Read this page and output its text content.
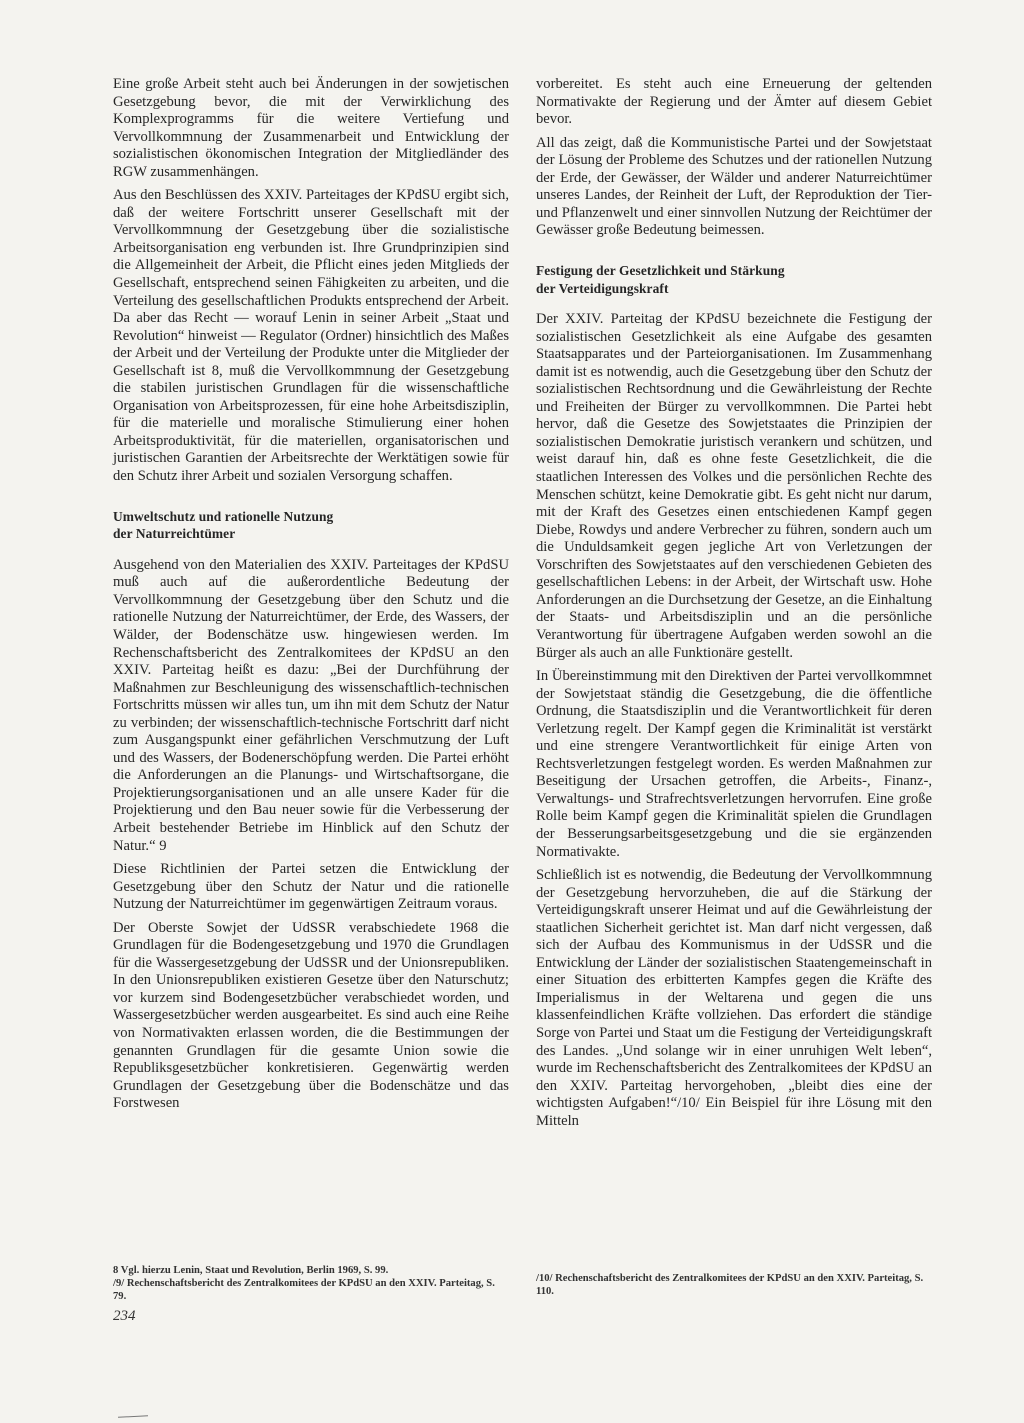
Eine große Arbeit steht auch bei Änderungen in der sowjetischen Gesetzgebung bevor, die mit der Verwirklichung des Komplexprogramms für die weitere Vertiefung und Vervollkommnung der Zusammenarbeit und Entwicklung der sozialistischen ökonomischen Integration der Mitgliedländer des RGW zusammenhängen.

Aus den Beschlüssen des XXIV. Parteitages der KPdSU ergibt sich, daß der weitere Fortschritt unserer Gesellschaft mit der Vervollkommnung der Gesetzgebung über die sozialistische Arbeitsorganisation eng verbunden ist. Ihre Grundprinzipien sind die Allgemeinheit der Arbeit, die Pflicht eines jeden Mitglieds der Gesellschaft, entsprechend seinen Fähigkeiten zu arbeiten, und die Verteilung des gesellschaftlichen Produkts entsprechend der Arbeit. Da aber das Recht — worauf Lenin in seiner Arbeit „Staat und Revolution“ hinweist — Regulator (Ordner) hinsichtlich des Maßes der Arbeit und der Verteilung der Produkte unter die Mitglieder der Gesellschaft ist 8, muß die Vervollkommnung der Gesetzgebung die stabilen juristischen Grundlagen für die wissenschaftliche Organisation von Arbeitsprozessen, für eine hohe Arbeitsdisziplin, für die materielle und moralische Stimulierung einer hohen Arbeitsproduktivität, für die materiellen, organisatorischen und juristischen Garantien der Arbeitsrechte der Werktätigen sowie für den Schutz ihrer Arbeit und sozialen Versorgung schaffen.

Umweltschutz und rationelle Nutzung

der Naturreichtümer

Ausgehend von den Materialien des XXIV. Parteitages der KPdSU muß auch auf die außerordentliche Bedeutung der Vervollkommnung der Gesetzgebung über den Schutz und die rationelle Nutzung der Naturreichtümer, der Erde, des Wassers, der Wälder, der Bodenschätze usw. hingewiesen werden. Im Rechenschaftsbericht des Zentralkomitees der KPdSU an den XXIV. Parteitag heißt es dazu: „Bei der Durchführung der Maßnahmen zur Beschleunigung des wissenschaftlich-technischen Fortschritts müssen wir alles tun, um ihn mit dem Schutz der Natur zu verbinden; der wissenschaftlich-technische Fortschritt darf nicht zum Ausgangspunkt einer gefährlichen Verschmutzung der Luft und des Wassers, der Bodenerschöpfung werden. Die Partei erhöht die Anforderungen an die Planungs- und Wirtschaftsorgane, die Projektierungsorganisationen und an alle unsere Kader für die Projektierung und den Bau neuer sowie für die Verbesserung der Arbeit bestehender Betriebe im Hinblick auf den Schutz der Natur.“ 9

Diese Richtlinien der Partei setzen die Entwicklung der Gesetzgebung über den Schutz der Natur und die rationelle Nutzung der Naturreichtümer im gegenwärtigen Zeitraum voraus.

Der Oberste Sowjet der UdSSR verabschiedete 1968 die Grundlagen für die Bodengesetzgebung und 1970 die Grundlagen für die Wassergesetzgebung der UdSSR und der Unionsrepubliken. In den Unionsrepubliken existieren Gesetze über den Naturschutz; vor kurzem sind Bodengesetzbücher verabschiedet worden, und Wassergesetzbücher werden ausgearbeitet. Es sind auch eine Reihe von Normativakten erlassen worden, die die Bestimmungen der genannten Grundlagen für die gesamte Union sowie die Republiksgesetzbücher konkretisieren. Gegenwärtig werden Grundlagen der Gesetzgebung über die Bodenschätze und das Forstwesen

vorbereitet. Es steht auch eine Erneuerung der geltenden Normativakte der Regierung und der Ämter auf diesem Gebiet bevor.

All das zeigt, daß die Kommunistische Partei und der Sowjetstaat der Lösung der Probleme des Schutzes und der rationellen Nutzung der Erde, der Gewässer, der Wälder und anderer Naturreichtümer unseres Landes, der Reinheit der Luft, der Reproduktion der Tier- und Pflanzenwelt und einer sinnvollen Nutzung der Reichtümer der Gewässer große Bedeutung beimessen.

Festigung der Gesetzlichkeit und Stärkung

der Verteidigungskraft

Der XXIV. Parteitag der KPdSU bezeichnete die Festigung der sozialistischen Gesetzlichkeit als eine Aufgabe des gesamten Staatsapparates und der Parteiorganisationen. Im Zusammenhang damit ist es notwendig, auch die Gesetzgebung über den Schutz der sozialistischen Rechtsordnung und die Gewährleistung der Rechte und Freiheiten der Bürger zu vervollkommnen. Die Partei hebt hervor, daß die Gesetze des Sowjetstaates die Prinzipien der sozialistischen Demokratie juristisch verankern und schützen, und weist darauf hin, daß es ohne feste Gesetzlichkeit, die die staatlichen Interessen des Volkes und die persönlichen Rechte des Menschen schützt, keine Demokratie gibt. Es geht nicht nur darum, mit der Kraft des Gesetzes einen entschiedenen Kampf gegen Diebe, Rowdys und andere Verbrecher zu führen, sondern auch um die Unduldsamkeit gegen jegliche Art von Verletzungen der Vorschriften des Sowjetstaates auf den verschiedenen Gebieten des gesellschaftlichen Lebens: in der Arbeit, der Wirtschaft usw. Hohe Anforderungen an die Durchsetzung der Gesetze, an die Einhaltung der Staats- und Arbeitsdisziplin und an die persönliche Verantwortung für übertragene Aufgaben werden sowohl an die Bürger als auch an alle Funktionäre gestellt.

In Übereinstimmung mit den Direktiven der Partei vervollkommnet der Sowjetstaat ständig die Gesetzgebung, die die öffentliche Ordnung, die Staatsdisziplin und die Verantwortlichkeit für deren Verletzung regelt. Der Kampf gegen die Kriminalität ist verstärkt und eine strengere Verantwortlichkeit für einige Arten von Rechtsverletzungen festgelegt worden. Es werden Maßnahmen zur Beseitigung der Ursachen getroffen, die Arbeits-, Finanz-, Verwaltungs- und Strafrechtsverletzungen hervorrufen. Eine große Rolle beim Kampf gegen die Kriminalität spielen die Grundlagen der Besserungsarbeitsgesetzgebung und die sie ergänzenden Normativakte.

Schließlich ist es notwendig, die Bedeutung der Vervollkommnung der Gesetzgebung hervorzuheben, die auf die Stärkung der Verteidigungskraft unserer Heimat und auf die Gewährleistung der staatlichen Sicherheit gerichtet ist. Man darf nicht vergessen, daß sich der Aufbau des Kommunismus in der UdSSR und die Entwicklung der Länder der sozialistischen Staatengemeinschaft in einer Situation des erbitterten Kampfes gegen die Kräfte des Imperialismus in der Weltarena und gegen die uns klassenfeindlichen Kräfte vollziehen. Das erfordert die ständige Sorge von Partei und Staat um die Festigung der Verteidigungskraft des Landes. „Und solange wir in einer unruhigen Welt leben“, wurde im Rechenschaftsbericht des Zentralkomitees der KPdSU an den XXIV. Parteitag hervorgehoben, „bleibt dies eine der wichtigsten Aufgaben!“/10/ Ein Beispiel für ihre Lösung mit den Mitteln

8 Vgl. hierzu Lenin, Staat und Revolution, Berlin 1969, S. 99.

/9/ Rechenschaftsbericht des Zentralkomitees der KPdSU an den XXIV. Parteitag, S. 79.

/10/ Rechenschaftsbericht des Zentralkomitees der KPdSU an den XXIV. Parteitag, S. 110.

234
